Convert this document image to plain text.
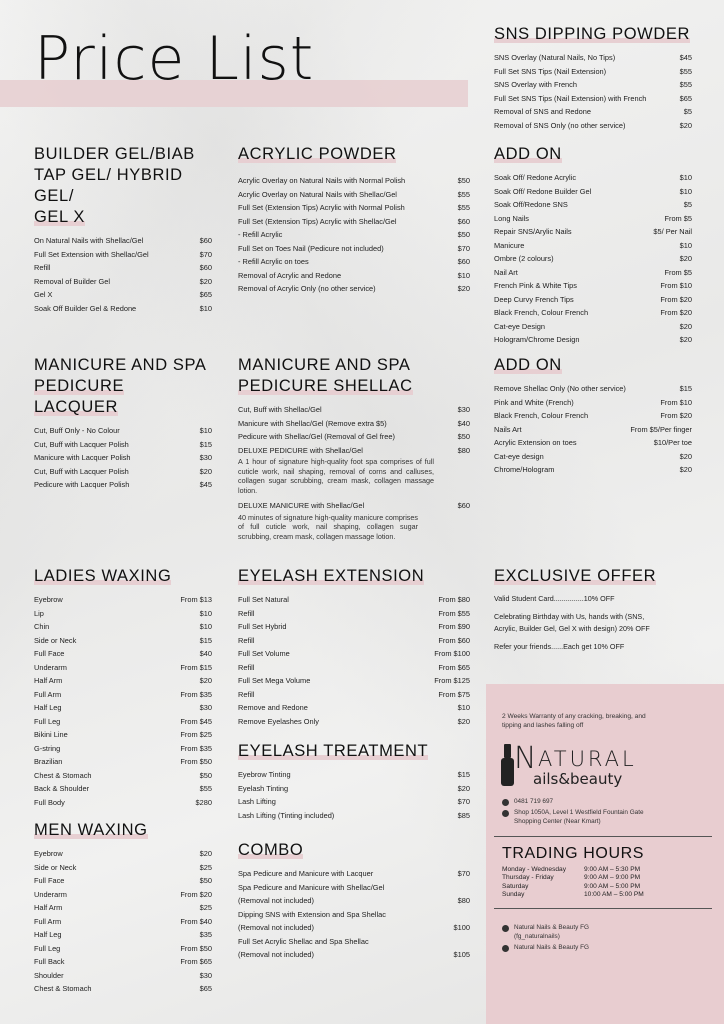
Price List
BUILDER GEL/BIAB
TAP GEL/ HYBRID GEL/
GEL X
On Natural Nails with Shellac/Gel	$60
Full Set Extension with Shellac/Gel	$70
Refill	$60
Removal of Builder Gel	$20
Gel X	$65
Soak Off Builder Gel & Redone	$10
ACRYLIC POWDER
Acrylic Overlay on Natural Nails with Normal Polish	$50
Acrylic Overlay on Natural Nails with Shellac/Gel	$55
Full Set (Extension Tips) Acrylic with Normal Polish	$55
Full Set (Extension Tips) Acrylic with Shellac/Gel	$60
- Refill Acrylic	$50
Full Set on Toes Nail (Pedicure not included)	$70
- Refill Acrylic on toes	$60
Removal of Acrylic and Redone	$10
Removal of Acrylic Only (no other service)	$20
SNS DIPPING POWDER
SNS Overlay (Natural Nails, No Tips)	$45
Full Set SNS Tips (Nail Extension)	$55
SNS Overlay with French	$55
Full Set SNS Tips (Nail Extension) with French	$65
Removal of SNS and Redone	$5
Removal of SNS Only (no other service)	$20
ADD ON
Soak Off/ Redone Acrylic	$10
Soak Off/ Redone Builder Gel	$10
Soak Off/Redone SNS	$5
Long Nails	From $5
Repair SNS/Arylic Nails	$5/ Per Nail
Manicure	$10
Ombre (2 colours)	$20
Nail Art	From $5
French Pink & White Tips	From $10
Deep Curvy French Tips	From $20
Black French, Colour French	From $20
Cat-eye Design	$20
Hologram/Chrome Design	$20
MANICURE AND SPA
PEDICURE LACQUER
Cut, Buff Only - No Colour	$10
Cut, Buff with Lacquer Polish	$15
Manicure with Lacquer Polish	$30
Cut, Buff with Lacquer Polish	$20
Pedicure with Lacquer Polish	$45
MANICURE AND SPA
PEDICURE SHELLAC
Cut, Buff with Shellac/Gel	$30
Manicure with Shellac/Gel (Remove extra $5)	$40
Pedicure with Shellac/Gel (Removal of Gel free)	$50
DELUXE PEDICURE with Shellac/Gel	$80
A 1 hour of signature high-quality foot spa comprises of full cuticle work, nail shaping, removal of corns and calluses, collagen sugar scrubbing, cream mask, collagen massage lotion.
DELUXE MANICURE with Shellac/Gel	$60
40 minutes of signature high-quality manicure comprises of full cuticle work, nail shaping, collagen sugar scrubbing, cream mask, collagen massage lotion.
ADD ON
Remove Shellac Only (No other service)	$15
Pink and White (French)	From $10
Black French, Colour French	From $20
Nails Art	From $5/Per finger
Acrylic Extension on toes	$10/Per toe
Cat-eye design	$20
Chrome/Hologram	$20
LADIES WAXING
Eyebrow	From $13
Lip	$10
Chin	$10
Side or Neck	$15
Full Face	$40
Underarm	From $15
Half Arm	$20
Full Arm	From $35
Half Leg	$30
Full Leg	From $45
Bikini Line	From $25
G-string	From $35
Brazilian	From $50
Chest & Stomach	$50
Back & Shoulder	$55
Full Body	$280
EYELASH EXTENSION
Full Set Natural	From $80
Refill	From $55
Full Set Hybrid	From $90
Refill	From $60
Full Set Volume	From $100
Refill	From $65
Full Set Mega Volume	From $125
Refill	From $75
Remove and Redone	$10
Remove Eyelashes Only	$20
EXCLUSIVE OFFER
Valid Student Card...............10% OFF
Celebrating Birthday with Us, hands with (SNS,
Acrylic, Builder Gel, Gel X with design) 20% OFF
Refer your friends......Each get 10% OFF
EYELASH TREATMENT
Eyebrow Tinting	$15
Eyelash Tinting	$20
Lash Lifting	$70
Lash Lifting (Tinting included)	$85
MEN WAXING
Eyebrow	$20
Side or Neck	$25
Full Face	$50
Underarm	From $20
Half Arm	$25
Full Arm	From $40
Half Leg	$35
Full Leg	From $50
Full Back	From $65
Shoulder	$30
Chest & Stomach	$65
COMBO
Spa Pedicure and Manicure with Lacquer	$70
Spa Pedicure and Manicure with Shellac/Gel
(Removal not included)	$80
Dipping SNS with Extension and Spa Shellac
(Removal not included)	$100
Full Set Acrylic Shellac and Spa Shellac
(Removal not included)	$105
2 Weeks Warranty of any cracking, breaking, and tipping and lashes falling off
N ATURAL
ails&beauty
0481 719 697
Shop 1050A, Level 1 Westfield Fountain Gate Shopping Center (Near Kmart)
TRADING HOURS
Monday - Wednesday	9:00 AM – 5:30 PM
Thursday - Friday	9:00 AM – 9:00 PM
Saturday	9:00 AM – 5:00 PM
Sunday	10:00 AM – 5:00 PM
Natural Nails & Beauty FG
(fg_naturalnails)
Natural Nails & Beauty FG
